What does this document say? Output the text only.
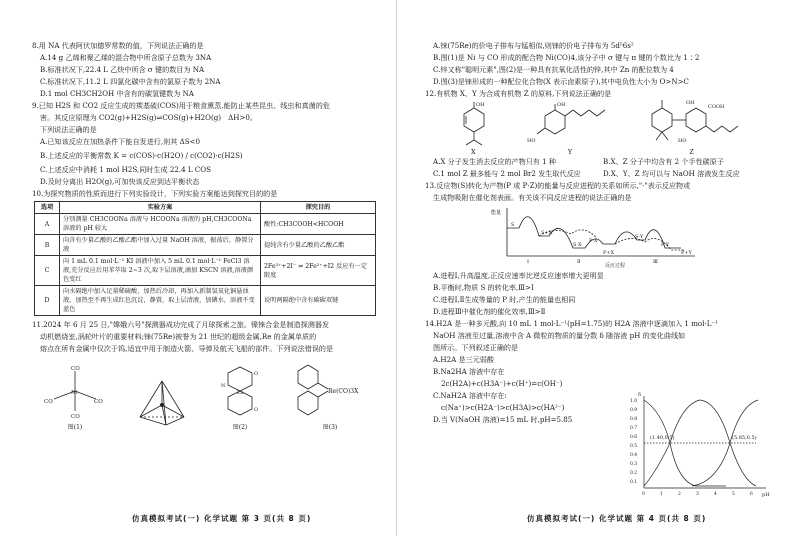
8.用 NA 代表阿伏加德罗常数的值，下列说法正确的是
A.14 g 乙烯和聚乙烯的混合物中所含原子总数为 3NA
B.标准状况下,22.4 L 乙炔中所含 σ 键的数目为 NA
C.标准状况下,11.2 L 四氯化碳中含有的氯原子数为 2NA
D.1 mol CH3CH2OH 中含有的碳氢键数为 NA
9.已知 H2S 和 CO2 反应生成的羰基硫(COS)用于粮食熏蒸,能防止某些昆虫、线虫和真菌的危
害。其反应原理为 CO2(g)+H2S(g)⇌COS(g)+H2O(g)　ΔH>0。
下列说法正确的是
A.已知该反应在加热条件下能自发进行,则其 ΔS<0
B.上述反应的平衡常数 K = c(COS)·c(H2O) / c(CO2)·c(H2S)
C.上述反应中消耗 1 mol H2S,同时生成 22.4 L COS
D.及时分离出 H2O(g),可加快该反应到达平衡状态
10.为探究物质的性质而进行下列实验设计，下列实验方案能达到探究目的的是
选项	实验方案	探究目的
A	分别测量 CH3COONa 溶液与 HCOONa 溶液的 pH,CH3COONa 溶液的 pH 较大	酸性:CH3COOH<HCOOH
B	向含有少量乙酸的乙酸乙酯中加入过量 NaOH 溶液，振荡后，静置分液	提纯含有少量乙酸的乙酸乙酯
C	向 1 mL 0.1 mol·L⁻¹ KI 溶液中加入 5 mL 0.1 mol·L⁻¹ FeCl3 溶液,充分反应后用苯萃取 2~3 次,取下层溶液,滴加 KSCN 溶液,溶液颜色变红	2Fe³⁺+2I⁻ ⇌ 2Fe²⁺+I2 反应有一定限度
D	向水隔绝中加入足量稀硫酸，加热后冷却，再加入新制氢氧化铜悬浊液，加热至不再生成红色沉淀，静置，取上层清液，加碘水，溶液不变蓝色	说明两隔绝中含有碳碳双键
11.2024 年 6 月 25 日,"嫦娥六号"探测器成功完成了月球探索之旅。镍铼合金是制造探测器发
动机燃烧室,涡轮叶片的重要材料;铼(75Re)被誉为 21 世纪的超级金属,Re 的金属单质的
熔点在所有金属中仅次于钨,适宜中用于制造火箭、导弹及航天飞船的部件。下列说法错误的是
Ni
CO
CO
CO	CO
图(1)
Zn
O
O
N
图(2)
Re(CO)3X
图(3)
仿真模拟考试(一) 化学试题 第 3 页(共 8 页)
A.铼(75Re)的价电子排布与锰相似,则铼的价电子排布为 5d⁵6s²
B.图(1)是 Ni 与 CO 形成的配合物 Ni(CO)4,该分子中 σ 键与 π 键的个数比为 1∶2
C.锌又称"聪明元素",图(2)是一种具有抗氧化活性的锌,其中 Zn 的配位数为 4
D.图(3)是铼形成的一种配位化合物(X 表示卤素原子),其中电负性大小为 O>N>C
12.有机物 X、Y 为合成有机物 Z 的原料,下列说法正确的是
OH
X
OH
HO
Y
OH
COOH
HO
Z
A.X 分子发生消去反应的产物只有 1 种	B.X、Z 分子中均含有 2 个手性碳原子
C.1 mol Z 最多能与 2 mol Br2 发生取代反应	D.X、Y、Z 均可以与 NaOH 溶液发生反应
13.反应物(S)转化为产物(P 或 P·Z)的能量与反应进程的关系如所示,"·"表示反应物或
生成物吸附在催化剂表面。有关该不同反应进程的说法正确的是
能量
S
S+X
S·X
P·X
P+X
S·Y
P·Y
P+Y
Ⅰ	Ⅱ	Ⅲ
反应过程
A.进程Ⅰ,升高温度,正反应速率比逆反应速率增大更明显
B.平衡时,物质 S 的转化率,Ⅲ>Ⅰ
C.进程Ⅰ,Ⅱ生成等量的 P 时,产生的能量也相同
D.进程Ⅲ中催化剂的催化效率,Ⅲ>Ⅱ
14.H2A 是一种多元酸,向 10 mL 1 mol·L⁻¹(pH=1.75)的 H2A 溶液中逐滴加入 1 mol·L⁻¹
NaOH 溶液至过量,溶液中含 A 微粒的物质的量分数 δ 随溶液 pH 的变化曲线如
图所示。下列叙述正确的是
A.H2A 是三元弱酸
B.Na2HA 溶液中存在
2c(H2A)+c(H3A⁻)+c(H⁺)=c(OH⁻)
C.NaH2A 溶液中存在:
c(Na⁺)>c(H2A⁻)>c(H3A)>c(HA²⁻)
D.当 V(NaOH 溶液)=15 mL 时,pH=5.85
仿真模拟考试(一) 化学试题 第 4 页(共 8 页)
1.0
0.9
0.8
0.7
0.6
0.5
0.4
0.3
0.2
0.1
0	1	2	3	4	5	6
δ
pH
(1.40,0.5)	(5.85,0.5)
